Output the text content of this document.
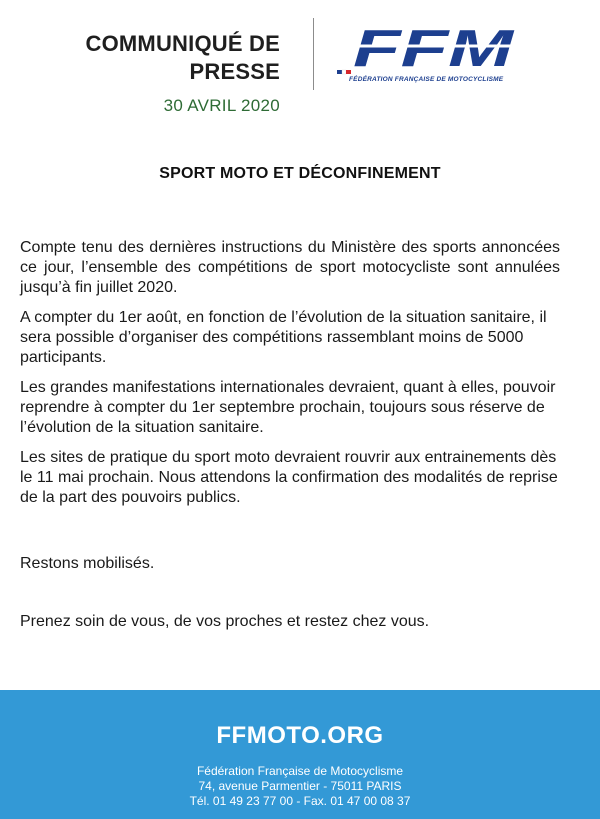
COMMUNIQUÉ DE
PRESSE
30 AVRIL 2020
FFM
FÉDÉRATION FRANÇAISE DE MOTOCYCLISME
SPORT MOTO ET DÉCONFINEMENT

Compte tenu des dernières instructions du Ministère des sports annoncées ce jour, l’ensemble des compétitions de sport motocycliste sont annulées jusqu’à fin juillet 2020.

A compter du 1er août, en fonction de l’évolution de la situation sanitaire, il sera possible d’organiser des compétitions rassemblant moins de 5000 participants.

Les grandes manifestations internationales devraient, quant à elles, pouvoir reprendre à compter du 1er septembre prochain, toujours sous réserve de l’évolution de la situation sanitaire.

Les sites de pratique du sport moto devraient rouvrir aux entrainements dès le 11 mai prochain. Nous attendons la confirmation des modalités de reprise de la part des pouvoirs publics.

Restons mobilisés.
Prenez soin de vous, de vos proches et restez chez vous.
FFMOTO.ORG
Fédération Française de Motocyclisme
74, avenue Parmentier - 75011 PARIS
Tél. 01 49 23 77 00 - Fax. 01 47 00 08 37
